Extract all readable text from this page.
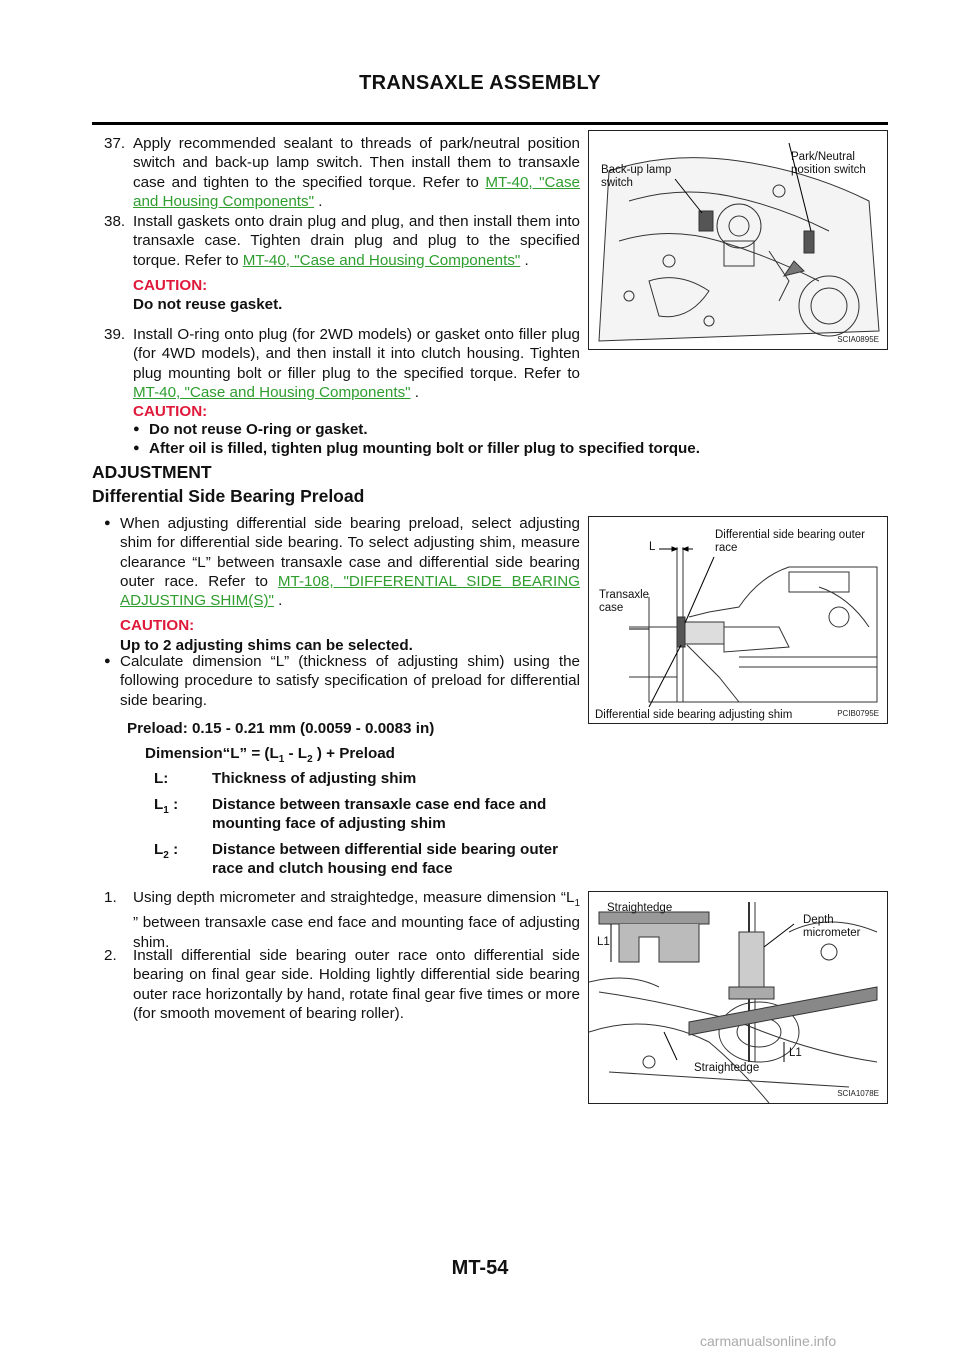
TRANSAXLE ASSEMBLY
37. Apply recommended sealant to threads of park/neutral position switch and back-up lamp switch. Then install them to transaxle case and tighten to the specified torque. Refer to MT-40, "Case and Housing Components" .
38. Install gaskets onto drain plug and plug, and then install them into transaxle case. Tighten drain plug and plug to the specified torque. Refer to MT-40, "Case and Housing Components" .
CAUTION:
Do not reuse gasket.
39. Install O-ring onto plug (for 2WD models) or gasket onto filler plug (for 4WD models), and then install it into clutch housing. Tighten plug mounting bolt or filler plug to the specified torque. Refer to MT-40, "Case and Housing Components" .
CAUTION:
● Do not reuse O-ring or gasket.
● After oil is filled, tighten plug mounting bolt or filler plug to specified torque.
ADJUSTMENT
Differential Side Bearing Preload
● When adjusting differential side bearing preload, select adjusting shim for differential side bearing. To select adjusting shim, measure clearance “L” between transaxle case and differential side bearing outer race. Refer to MT-108, "DIFFERENTIAL SIDE BEARING ADJUSTING SHIM(S)" .
CAUTION:
Up to 2 adjusting shims can be selected.
● Calculate dimension “L” (thickness of adjusting shim) using the following procedure to satisfy specification of preload for differential side bearing.
Preload: 0.15 - 0.21 mm (0.0059 - 0.0083 in)
Dimension“L” = ($L_1 - L_2$ ) + Preload
L:	Thickness of adjusting shim
$L_1$ : Distance between transaxle case end face and mounting face of adjusting shim
$L_2$ : Distance between differential side bearing outer race and clutch housing end face
1. Using depth micrometer and straightedge, measure dimension “$L_1$ ” between transaxle case end face and mounting face of adjusting shim.
2. Install differential side bearing outer race onto differential side bearing on final gear side. Holding lightly differential side bearing outer race horizontally by hand, rotate final gear five times or more (for smooth movement of bearing roller).
Back-up lamp switch
Park/Neutral position switch
SCIA0895E
L
Differential side bearing outer race
Transaxle case
Differential side bearing adjusting shim	PCIB0795E
Straightedge
L1
Depth micrometer
L1
Straightedge
SCIA1078E
MT-54
carmanualsonline.info
